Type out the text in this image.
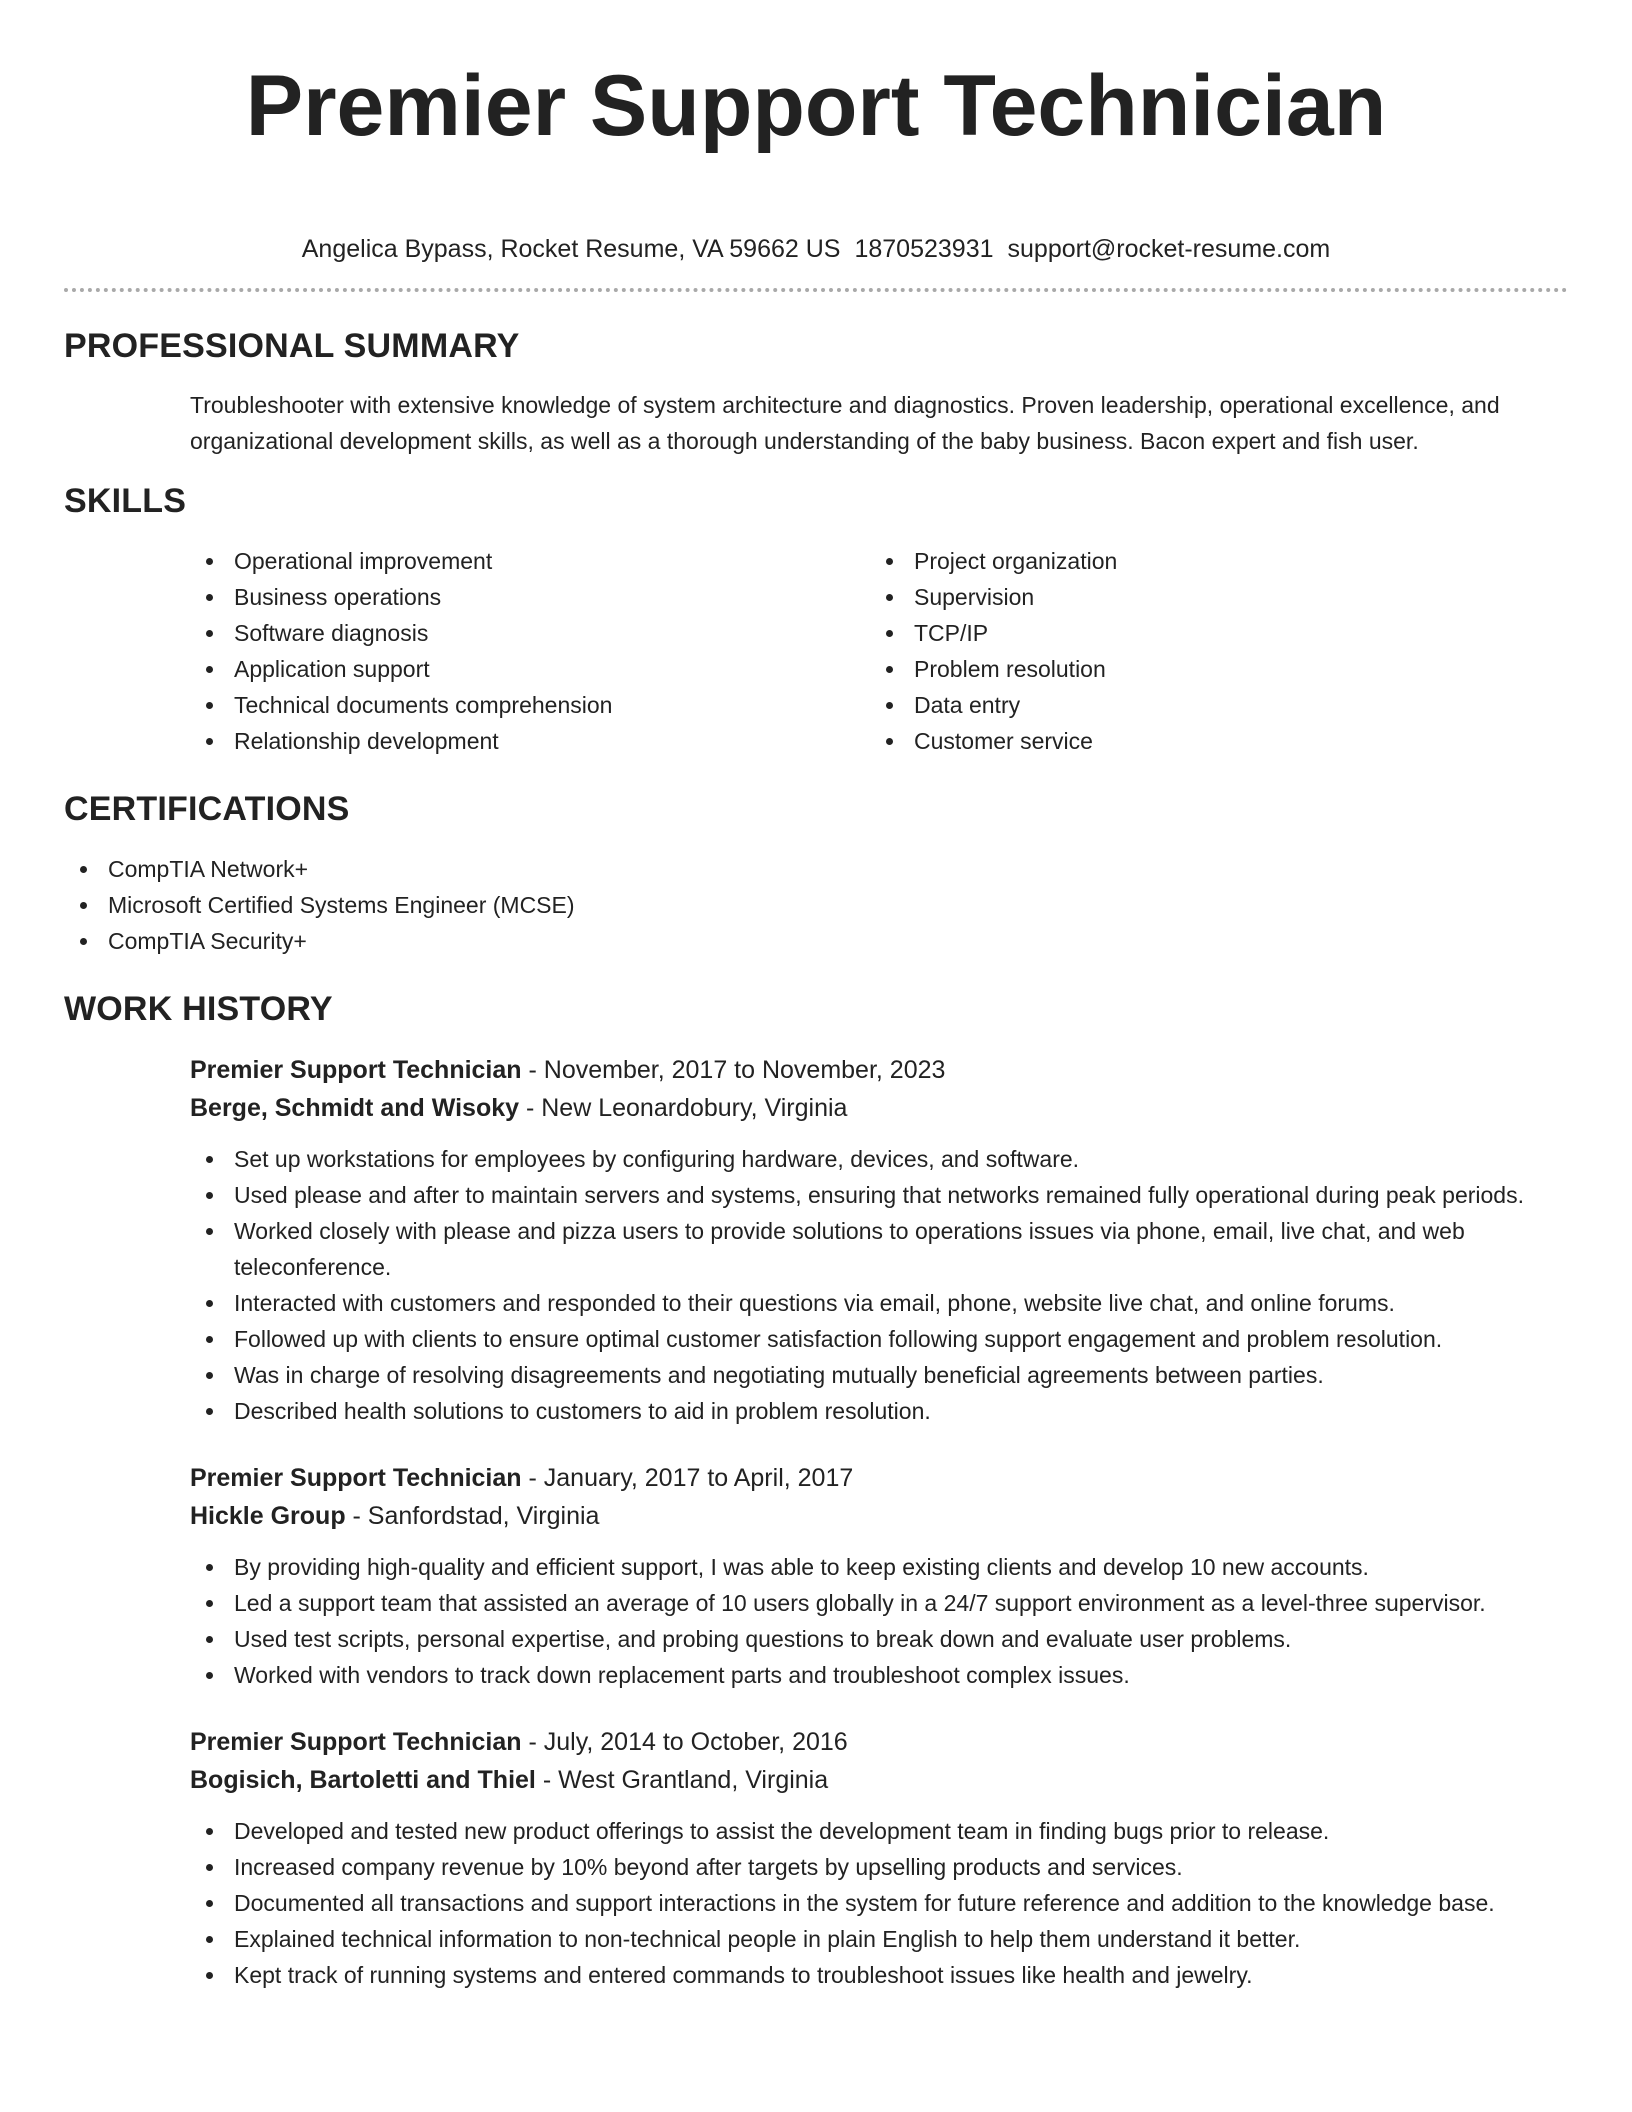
Premier Support Technician
Angelica Bypass, Rocket Resume, VA 59662 US 1870523931 support@rocket-resume.com
PROFESSIONAL SUMMARY

Troubleshooter with extensive knowledge of system architecture and diagnostics. Proven leadership, operational excellence, and organizational development skills, as well as a thorough understanding of the baby business. Bacon expert and fish user.

SKILLS
Operational improvement
Business operations
Software diagnosis
Application support
Technical documents comprehension
Relationship development
Project organization
Supervision
TCP/IP
Problem resolution
Data entry
Customer service
CERTIFICATIONS
CompTIA Network+
Microsoft Certified Systems Engineer (MCSE)
CompTIA Security+
WORK HISTORY
Premier Support Technician - November, 2017 to November, 2023
Berge, Schmidt and Wisoky - New Leonardobury, Virginia
Set up workstations for employees by configuring hardware, devices, and software.
Used please and after to maintain servers and systems, ensuring that networks remained fully operational during peak periods.
Worked closely with please and pizza users to provide solutions to operations issues via phone, email, live chat, and web teleconference.
Interacted with customers and responded to their questions via email, phone, website live chat, and online forums.
Followed up with clients to ensure optimal customer satisfaction following support engagement and problem resolution.
Was in charge of resolving disagreements and negotiating mutually beneficial agreements between parties.
Described health solutions to customers to aid in problem resolution.
Premier Support Technician - January, 2017 to April, 2017
Hickle Group - Sanfordstad, Virginia
By providing high-quality and efficient support, I was able to keep existing clients and develop 10 new accounts.
Led a support team that assisted an average of 10 users globally in a 24/7 support environment as a level-three supervisor.
Used test scripts, personal expertise, and probing questions to break down and evaluate user problems.
Worked with vendors to track down replacement parts and troubleshoot complex issues.
Premier Support Technician - July, 2014 to October, 2016
Bogisich, Bartoletti and Thiel - West Grantland, Virginia
Developed and tested new product offerings to assist the development team in finding bugs prior to release.
Increased company revenue by 10% beyond after targets by upselling products and services.
Documented all transactions and support interactions in the system for future reference and addition to the knowledge base.
Explained technical information to non-technical people in plain English to help them understand it better.
Kept track of running systems and entered commands to troubleshoot issues like health and jewelry.
